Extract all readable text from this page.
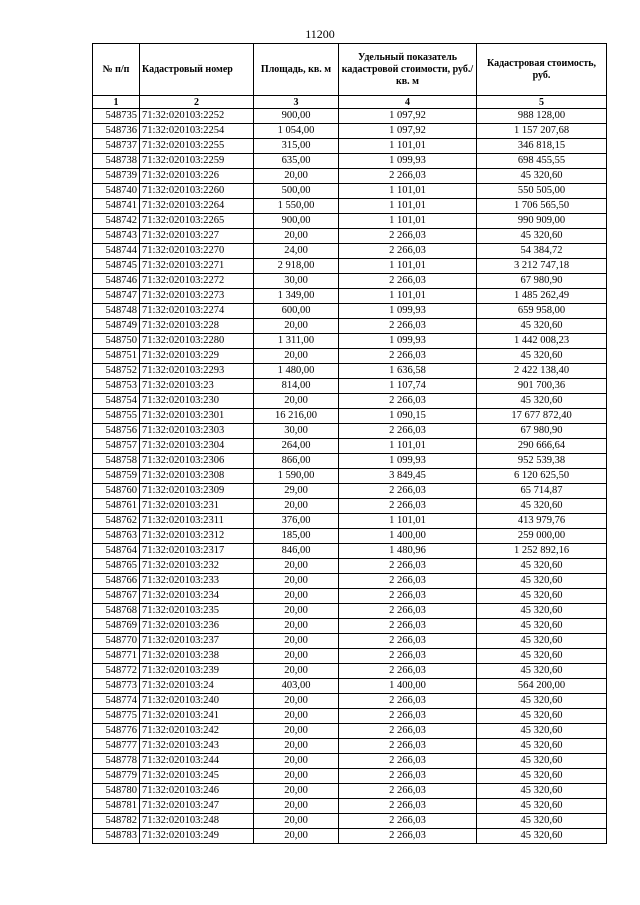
11200
№ п/п	Кадастровый номер	Площадь, кв. м	Удельный показатель кадастровой стоимости, руб./кв. м	Кадастровая стоимость, руб.
1	2	3	4	5
548735	71:32:020103:2252	900,00	1 097,92	988 128,00
548736	71:32:020103:2254	1 054,00	1 097,92	1 157 207,68
548737	71:32:020103:2255	315,00	1 101,01	346 818,15
548738	71:32:020103:2259	635,00	1 099,93	698 455,55
548739	71:32:020103:226	20,00	2 266,03	45 320,60
548740	71:32:020103:2260	500,00	1 101,01	550 505,00
548741	71:32:020103:2264	1 550,00	1 101,01	1 706 565,50
548742	71:32:020103:2265	900,00	1 101,01	990 909,00
548743	71:32:020103:227	20,00	2 266,03	45 320,60
548744	71:32:020103:2270	24,00	2 266,03	54 384,72
548745	71:32:020103:2271	2 918,00	1 101,01	3 212 747,18
548746	71:32:020103:2272	30,00	2 266,03	67 980,90
548747	71:32:020103:2273	1 349,00	1 101,01	1 485 262,49
548748	71:32:020103:2274	600,00	1 099,93	659 958,00
548749	71:32:020103:228	20,00	2 266,03	45 320,60
548750	71:32:020103:2280	1 311,00	1 099,93	1 442 008,23
548751	71:32:020103:229	20,00	2 266,03	45 320,60
548752	71:32:020103:2293	1 480,00	1 636,58	2 422 138,40
548753	71:32:020103:23	814,00	1 107,74	901 700,36
548754	71:32:020103:230	20,00	2 266,03	45 320,60
548755	71:32:020103:2301	16 216,00	1 090,15	17 677 872,40
548756	71:32:020103:2303	30,00	2 266,03	67 980,90
548757	71:32:020103:2304	264,00	1 101,01	290 666,64
548758	71:32:020103:2306	866,00	1 099,93	952 539,38
548759	71:32:020103:2308	1 590,00	3 849,45	6 120 625,50
548760	71:32:020103:2309	29,00	2 266,03	65 714,87
548761	71:32:020103:231	20,00	2 266,03	45 320,60
548762	71:32:020103:2311	376,00	1 101,01	413 979,76
548763	71:32:020103:2312	185,00	1 400,00	259 000,00
548764	71:32:020103:2317	846,00	1 480,96	1 252 892,16
548765	71:32:020103:232	20,00	2 266,03	45 320,60
548766	71:32:020103:233	20,00	2 266,03	45 320,60
548767	71:32:020103:234	20,00	2 266,03	45 320,60
548768	71:32:020103:235	20,00	2 266,03	45 320,60
548769	71:32:020103:236	20,00	2 266,03	45 320,60
548770	71:32:020103:237	20,00	2 266,03	45 320,60
548771	71:32:020103:238	20,00	2 266,03	45 320,60
548772	71:32:020103:239	20,00	2 266,03	45 320,60
548773	71:32:020103:24	403,00	1 400,00	564 200,00
548774	71:32:020103:240	20,00	2 266,03	45 320,60
548775	71:32:020103:241	20,00	2 266,03	45 320,60
548776	71:32:020103:242	20,00	2 266,03	45 320,60
548777	71:32:020103:243	20,00	2 266,03	45 320,60
548778	71:32:020103:244	20,00	2 266,03	45 320,60
548779	71:32:020103:245	20,00	2 266,03	45 320,60
548780	71:32:020103:246	20,00	2 266,03	45 320,60
548781	71:32:020103:247	20,00	2 266,03	45 320,60
548782	71:32:020103:248	20,00	2 266,03	45 320,60
548783	71:32:020103:249	20,00	2 266,03	45 320,60
